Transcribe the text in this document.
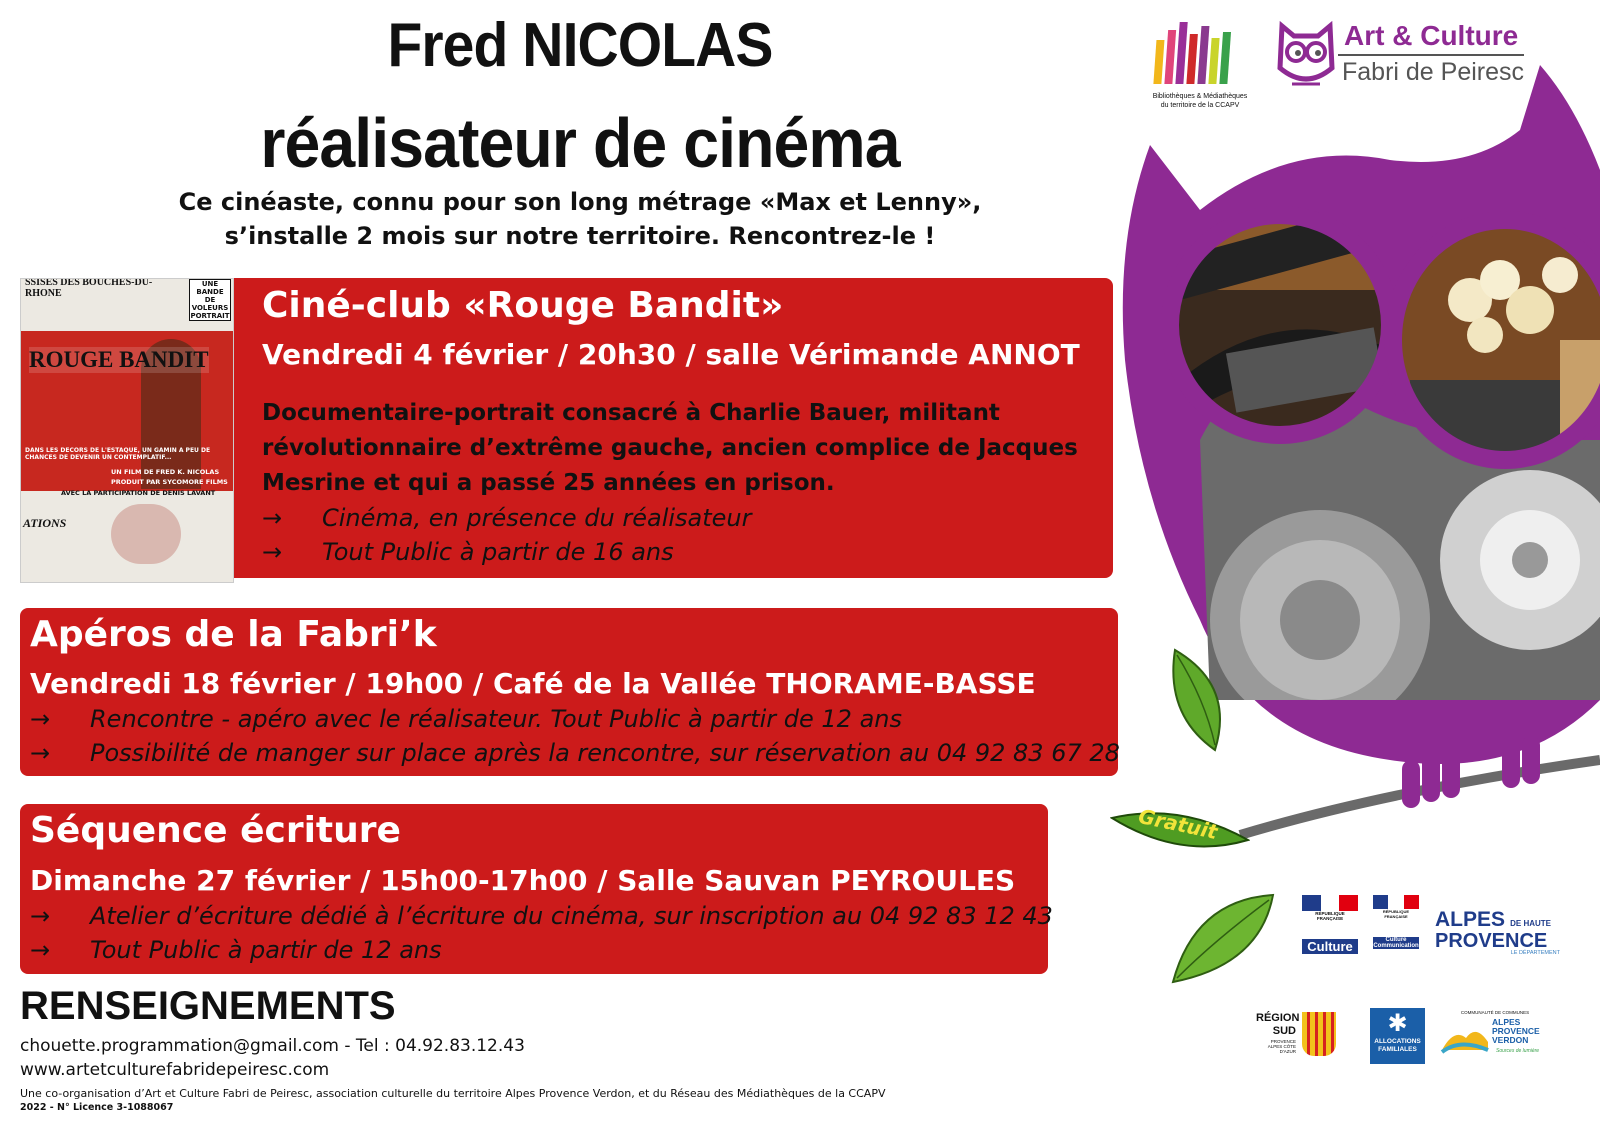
Fred NICOLAS
réalisateur de cinéma
Ce cinéaste, connu pour son long métrage «Max et Lenny»,
s’installe 2 mois sur notre territoire. Rencontrez-le !
Bibliothèques & Médiathèques
du territoire de la CCAPV
Art & Culture
Fabri de Peiresc
Gratuit
SSISES DES BOUCHES-DU-RHONE
UNE BANDE DE VOLEURS PORTRAIT
ROUGE BANDIT
DANS LES DECORS DE L'ESTAQUE, UN GAMIN A PEU DE CHANCES DE DEVENIR UN CONTEMPLATIF...
UN FILM DE FRED K. NICOLAS
PRODUIT PAR SYCOMORE FILMS
AVEC LA PARTICIPATION DE DENIS LAVANT
ATIONS
Ciné-club «Rouge Bandit»
Vendredi 4 février / 20h30 / salle Vérimande ANNOT
Documentaire-portrait consacré à Charlie Bauer, militant
révolutionnaire d’extrême gauche, ancien complice de Jacques
Mesrine et qui a passé 25 années en prison.
→ Cinéma, en présence du réalisateur
→ Tout Public à partir de 16 ans
Apéros de la Fabri’k
Vendredi 18 février / 19h00 / Café de la Vallée THORAME-BASSE
→ Rencontre - apéro avec le réalisateur. Tout Public à partir de 12 ans
→ Possibilité de manger sur place après la rencontre, sur réservation au 04 92 83 67 28
Séquence écriture
Dimanche 27 février / 15h00-17h00 / Salle Sauvan PEYROULES
→ Atelier d’écriture dédié à l’écriture du cinéma, sur inscription au 04 92 83 12 43
→ Tout Public à partir de 12 ans
RENSEIGNEMENTS
chouette.programmation@gmail.com - Tel : 04.92.83.12.43
www.artetculturefabridepeiresc.com
Une co-organisation d’Art et Culture Fabri de Peiresc, association culturelle du territoire Alpes Provence Verdon, et du Réseau des Médiathèques de la CCAPV
2022 - N° Licence 3-1088067
RÉPUBLIQUE FRANÇAISE
Culture
RÉPUBLIQUE FRANÇAISE
Culture Communication
ALPES DE HAUTE
PROVENCE
LE DÉPARTEMENT
RÉGION
SUD
PROVENCE ALPES CÔTE D'AZUR
✱
ALLOCATIONS
FAMILIALES
COMMUNAUTÉ DE COMMUNES
ALPES
PROVENCE
VERDON
Sources de lumière
